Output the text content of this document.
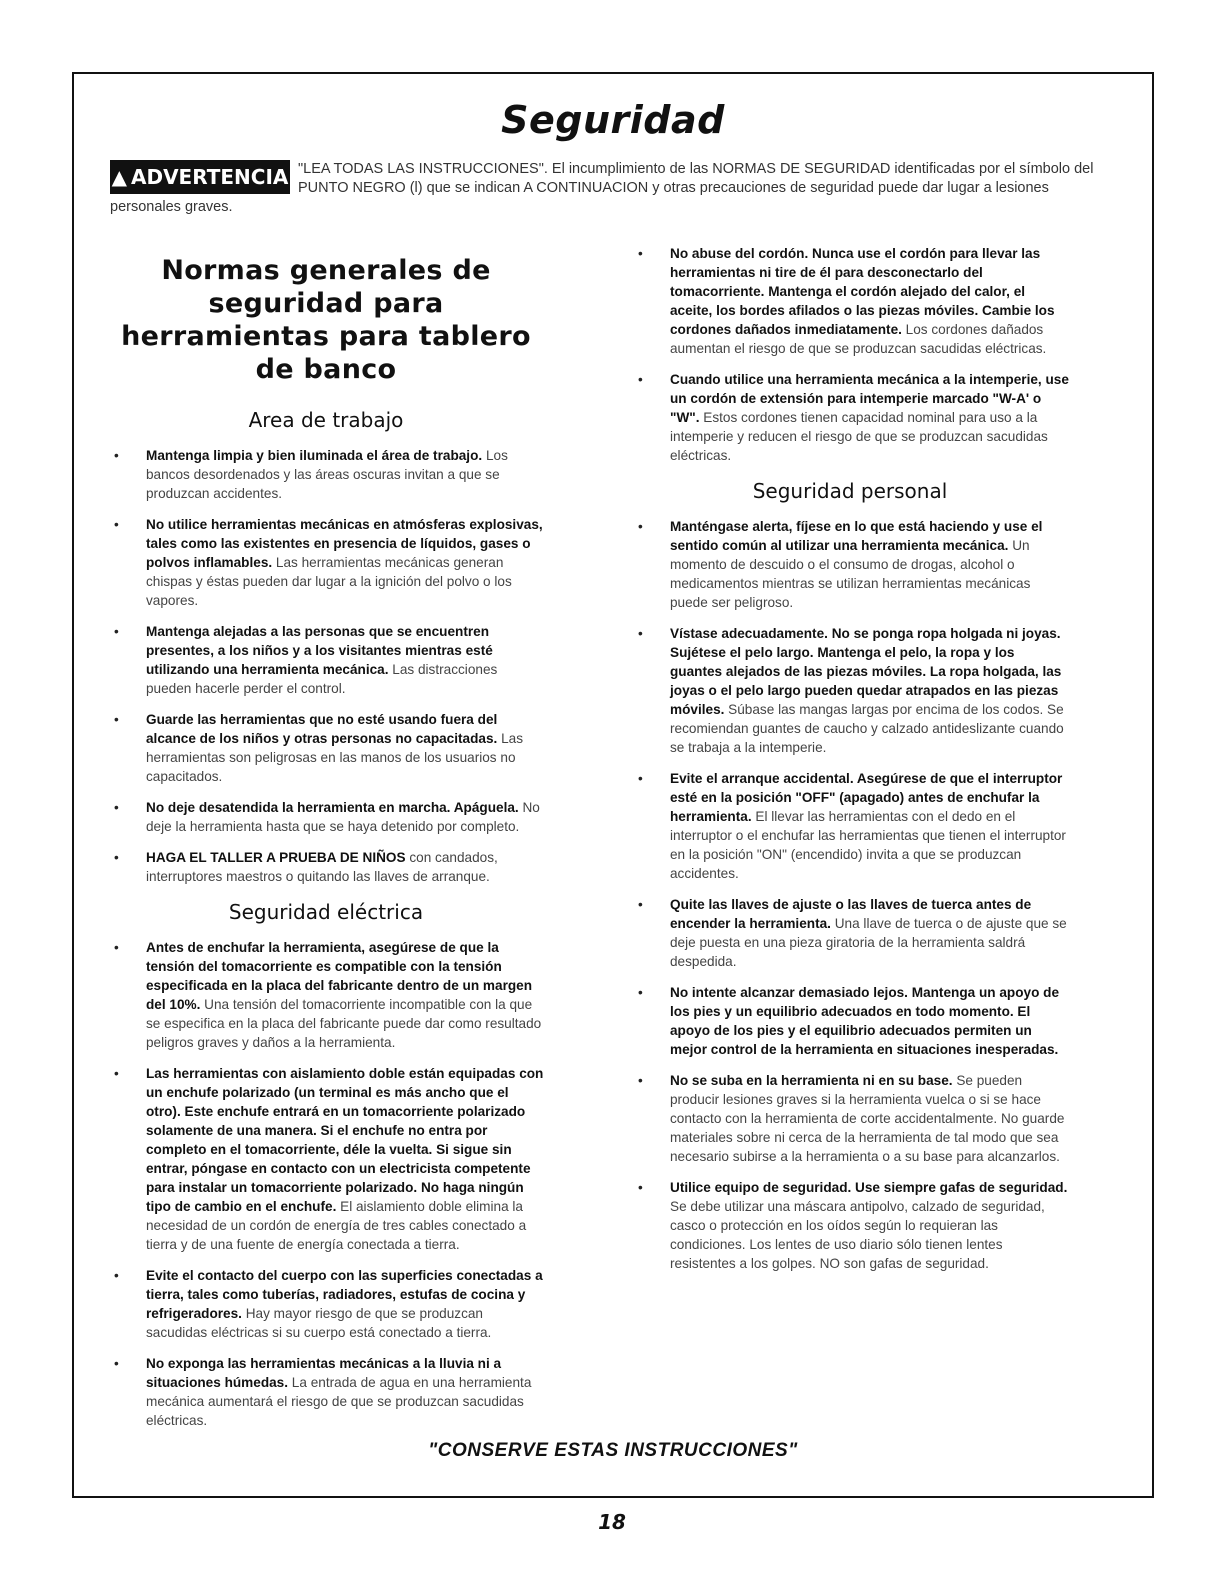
Seguridad
▲ ADVERTENCIA "LEA TODAS LAS INSTRUCCIONES". El incumplimiento de las NORMAS DE SEGURIDAD identificadas por el símbolo del PUNTO NEGRO (l) que se indican A CONTINUACION y otras precauciones de seguridad puede dar lugar a lesiones personales graves.
Normas generales de seguridad para herramientas para tablero de banco
Area de trabajo
• Mantenga limpia y bien iluminada el área de trabajo. Los bancos desordenados y las áreas oscuras invitan a que se produzcan accidentes.
• No utilice herramientas mecánicas en atmósferas explosivas, tales como las existentes en presencia de líquidos, gases o polvos inflamables. Las herramientas mecánicas generan chispas y éstas pueden dar lugar a la ignición del polvo o los vapores.
• Mantenga alejadas a las personas que se encuentren presentes, a los niños y a los visitantes mientras esté utilizando una herramienta mecánica. Las distracciones pueden hacerle perder el control.
• Guarde las herramientas que no esté usando fuera del alcance de los niños y otras personas no capacitadas. Las herramientas son peligrosas en las manos de los usuarios no capacitados.
• No deje desatendida la herramienta en marcha. Apáguela. No deje la herramienta hasta que se haya detenido por completo.
• HAGA EL TALLER A PRUEBA DE NIÑOS con candados, interruptores maestros o quitando las llaves de arranque.
Seguridad eléctrica
• Antes de enchufar la herramienta, asegúrese de que la tensión del tomacorriente es compatible con la tensión especificada en la placa del fabricante dentro de un margen del 10%. Una tensión del tomacorriente incompatible con la que se especifica en la placa del fabricante puede dar como resultado peligros graves y daños a la herramienta.
• Las herramientas con aislamiento doble están equipadas con un enchufe polarizado (un terminal es más ancho que el otro). Este enchufe entrará en un tomacorriente polarizado solamente de una manera. Si el enchufe no entra por completo en el tomacorriente, déle la vuelta. Si sigue sin entrar, póngase en contacto con un electricista competente para instalar un tomacorriente polarizado. No haga ningún tipo de cambio en el enchufe. El aislamiento doble elimina la necesidad de un cordón de energía de tres cables conectado a tierra y de una fuente de energía conectada a tierra.
• Evite el contacto del cuerpo con las superficies conectadas a tierra, tales como tuberías, radiadores, estufas de cocina y refrigeradores. Hay mayor riesgo de que se produzcan sacudidas eléctricas si su cuerpo está conectado a tierra.
• No exponga las herramientas mecánicas a la lluvia ni a situaciones húmedas. La entrada de agua en una herramienta mecánica aumentará el riesgo de que se produzcan sacudidas eléctricas.
• No abuse del cordón. Nunca use el cordón para llevar las herramientas ni tire de él para desconectarlo del tomacorriente. Mantenga el cordón alejado del calor, el aceite, los bordes afilados o las piezas móviles. Cambie los cordones dañados inmediatamente. Los cordones dañados aumentan el riesgo de que se produzcan sacudidas eléctricas.
• Cuando utilice una herramienta mecánica a la intemperie, use un cordón de extensión para intemperie marcado "W-A' o "W". Estos cordones tienen capacidad nominal para uso a la intemperie y reducen el riesgo de que se produzcan sacudidas eléctricas.
Seguridad personal
• Manténgase alerta, fíjese en lo que está haciendo y use el sentido común al utilizar una herramienta mecánica. Un momento de descuido o el consumo de drogas, alcohol o medicamentos mientras se utilizan herramientas mecánicas puede ser peligroso.
• Vístase adecuadamente. No se ponga ropa holgada ni joyas. Sujétese el pelo largo. Mantenga el pelo, la ropa y los guantes alejados de las piezas móviles. La ropa holgada, las joyas o el pelo largo pueden quedar atrapados en las piezas móviles. Súbase las mangas largas por encima de los codos. Se recomiendan guantes de caucho y calzado antideslizante cuando se trabaja a la intemperie.
• Evite el arranque accidental. Asegúrese de que el interruptor esté en la posición "OFF" (apagado) antes de enchufar la herramienta. El llevar las herramientas con el dedo en el interruptor o el enchufar las herramientas que tienen el interruptor en la posición "ON" (encendido) invita a que se produzcan accidentes.
• Quite las llaves de ajuste o las llaves de tuerca antes de encender la herramienta. Una llave de tuerca o de ajuste que se deje puesta en una pieza giratoria de la herramienta saldrá despedida.
• No intente alcanzar demasiado lejos. Mantenga un apoyo de los pies y un equilibrio adecuados en todo momento. El apoyo de los pies y el equilibrio adecuados permiten un mejor control de la herramienta en situaciones inesperadas.
• No se suba en la herramienta ni en su base. Se pueden producir lesiones graves si la herramienta vuelca o si se hace contacto con la herramienta de corte accidentalmente. No guarde materiales sobre ni cerca de la herramienta de tal modo que sea necesario subirse a la herramienta o a su base para alcanzarlos.
• Utilice equipo de seguridad. Use siempre gafas de seguridad. Se debe utilizar una máscara antipolvo, calzado de seguridad, casco o protección en los oídos según lo requieran las condiciones. Los lentes de uso diario sólo tienen lentes resistentes a los golpes. NO son gafas de seguridad.
"CONSERVE ESTAS INSTRUCCIONES"
18
